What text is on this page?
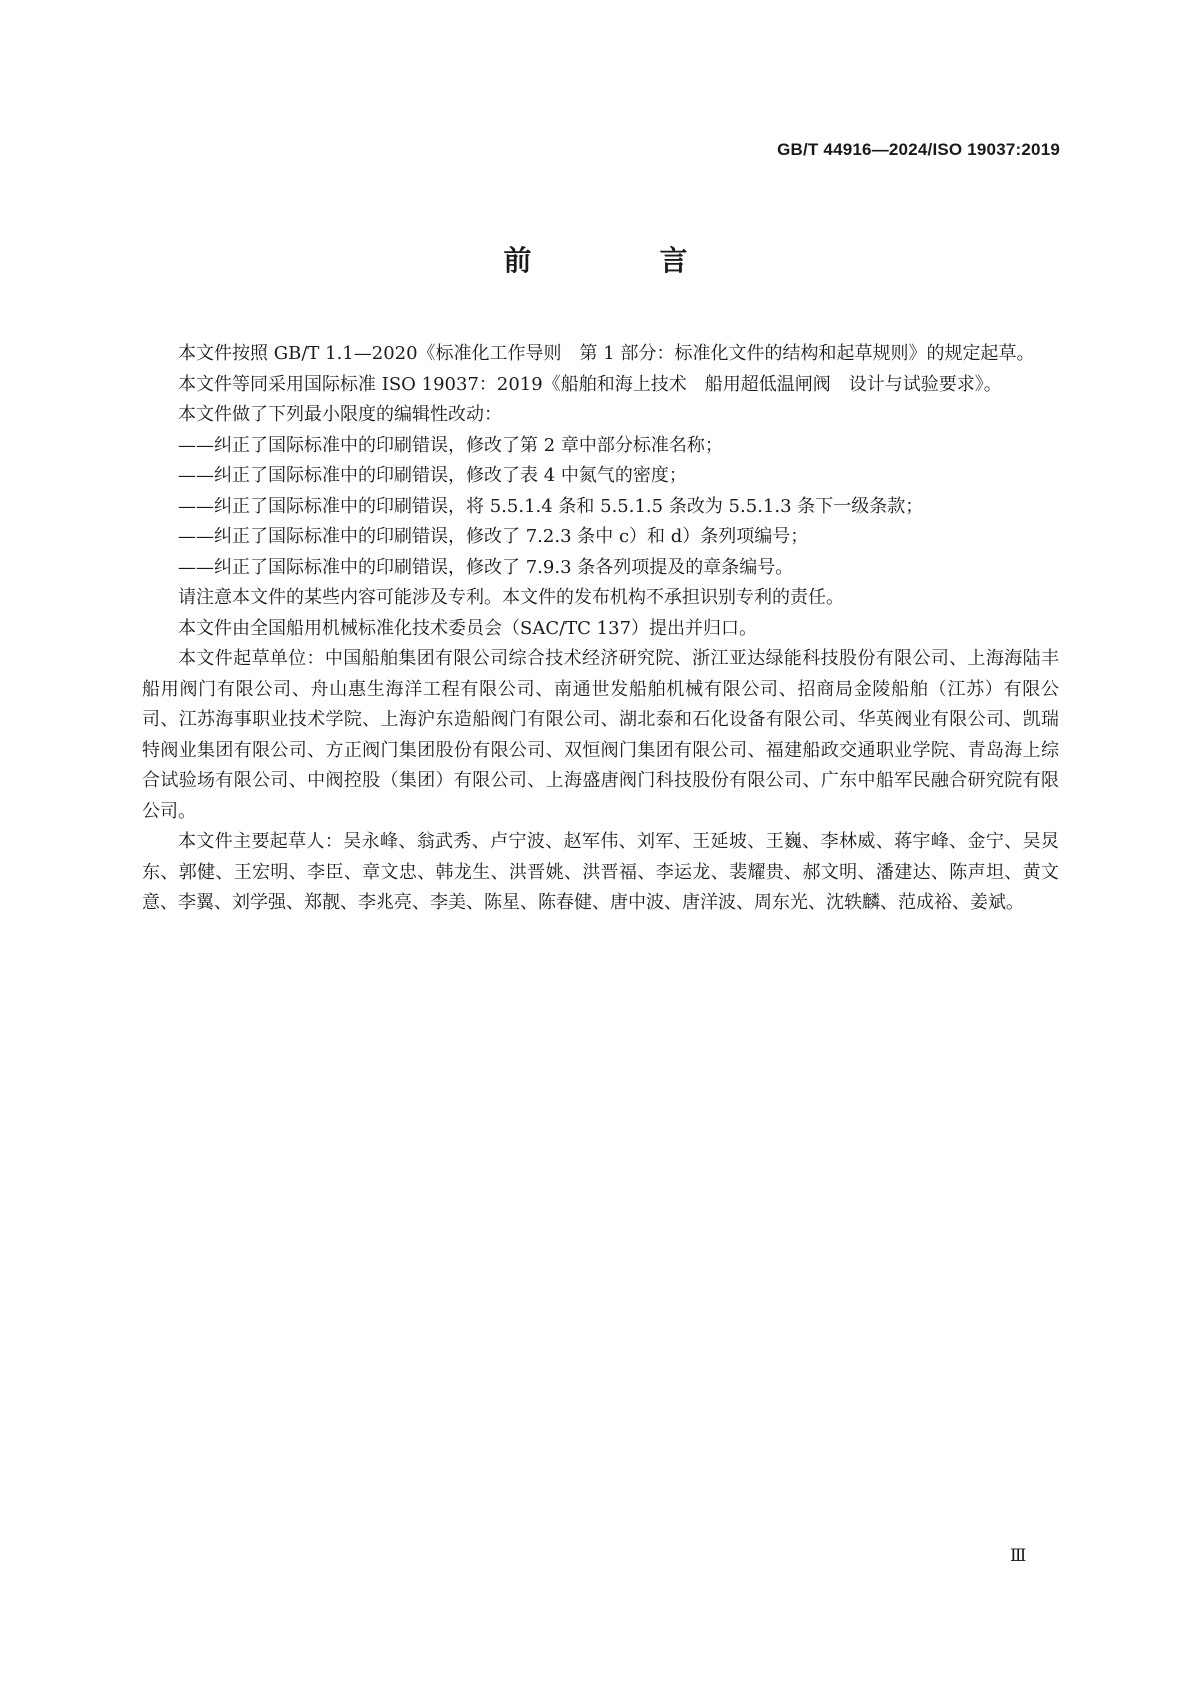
GB/T 44916—2024/ISO 19037:2019
前　言

本文件按照 GB/T 1.1—2020《标准化工作导则　第 1 部分：标准化文件的结构和起草规则》的规定起草。

本文件等同采用国际标准 ISO 19037：2019《船舶和海上技术　船用超低温闸阀　设计与试验要求》。

本文件做了下列最小限度的编辑性改动：

——纠正了国际标准中的印刷错误，修改了第 2 章中部分标准名称；

——纠正了国际标准中的印刷错误，修改了表 4 中氮气的密度；

——纠正了国际标准中的印刷错误，将 5.5.1.4 条和 5.5.1.5 条改为 5.5.1.3 条下一级条款；

——纠正了国际标准中的印刷错误，修改了 7.2.3 条中 c）和 d）条列项编号；

——纠正了国际标准中的印刷错误，修改了 7.9.3 条各列项提及的章条编号。

请注意本文件的某些内容可能涉及专利。本文件的发布机构不承担识别专利的责任。

本文件由全国船用机械标准化技术委员会（SAC/TC 137）提出并归口。

本文件起草单位：中国船舶集团有限公司综合技术经济研究院、浙江亚达绿能科技股份有限公司、上海海陆丰船用阀门有限公司、舟山惠生海洋工程有限公司、南通世发船舶机械有限公司、招商局金陵船舶（江苏）有限公司、江苏海事职业技术学院、上海沪东造船阀门有限公司、湖北泰和石化设备有限公司、华英阀业有限公司、凯瑞特阀业集团有限公司、方正阀门集团股份有限公司、双恒阀门集团有限公司、福建船政交通职业学院、青岛海上综合试验场有限公司、中阀控股（集团）有限公司、上海盛唐阀门科技股份有限公司、广东中船军民融合研究院有限公司。

本文件主要起草人：吴永峰、翁武秀、卢宁波、赵军伟、刘军、王延坡、王巍、李林威、蒋宇峰、金宁、吴炅东、郭健、王宏明、李臣、章文忠、韩龙生、洪晋姚、洪晋福、李运龙、裴耀贵、郝文明、潘建达、陈声坦、黄文意、李翼、刘学强、郑靓、李兆亮、李美、陈星、陈春健、唐中波、唐洋波、周东光、沈轶麟、范成裕、姜斌。

Ⅲ
